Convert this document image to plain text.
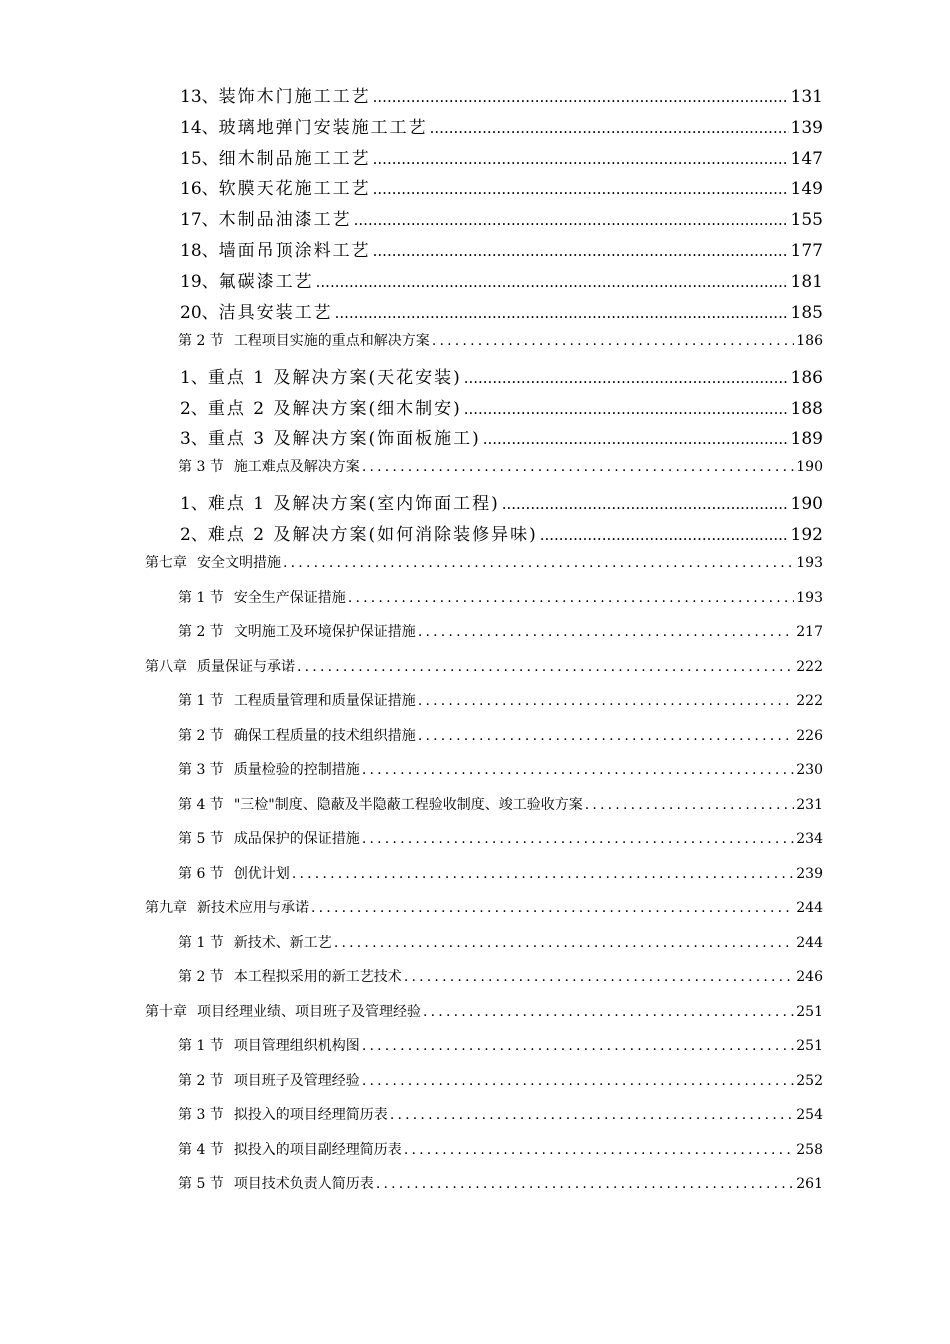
13、 装饰木门施工工艺 .....	131
14、 玻璃地弹门安装施工工艺 .....	139
15、 细木制品施工工艺 .....	147
16、 软膜天花施工工艺 .....	149
17、 木制品油漆工艺 .....	155
18、 墙面吊顶涂料工艺 .....	177
19、 氟碳漆工艺 .....	181
20、 洁具安装工艺 .....	185
第 2 节 工程项目实施的重点和解决方案 .....	186
1、 重点 1 及解决方案(天花安装) .....	186
2、 重点 2 及解决方案(细木制安) .....	188
3、 重点 3 及解决方案(饰面板施工) .....	189
第 3 节 施工难点及解决方案 .....	190
1、 难点 1 及解决方案(室内饰面工程) .....	190
2、 难点 2 及解决方案(如何消除装修异味) .....	192
第七章 安全文明措施 .....	193
第 1 节 安全生产保证措施 .....	193
第 2 节 文明施工及环境保护保证措施 .....	217
第八章 质量保证与承诺 .....	222
第 1 节 工程质量管理和质量保证措施 .....	222
第 2 节 确保工程质量的技术组织措施 .....	226
第 3 节 质量检验的控制措施 .....	230
第 4 节 "三检"制度、隐蔽及半隐蔽工程验收制度、竣工验收方案 .....	231
第 5 节 成品保护的保证措施 .....	234
第 6 节 创优计划 .....	239
第九章 新技术应用与承诺 .....	244
第 1 节 新技术、新工艺 .....	244
第 2 节 本工程拟采用的新工艺技术 .....	246
第十章 项目经理业绩、项目班子及管理经验 .....	251
第 1 节 项目管理组织机构图 .....	251
第 2 节 项目班子及管理经验 .....	252
第 3 节 拟投入的项目经理简历表 .....	254
第 4 节 拟投入的项目副经理简历表 .....	258
第 5 节 项目技术负责人简历表 .....	261
